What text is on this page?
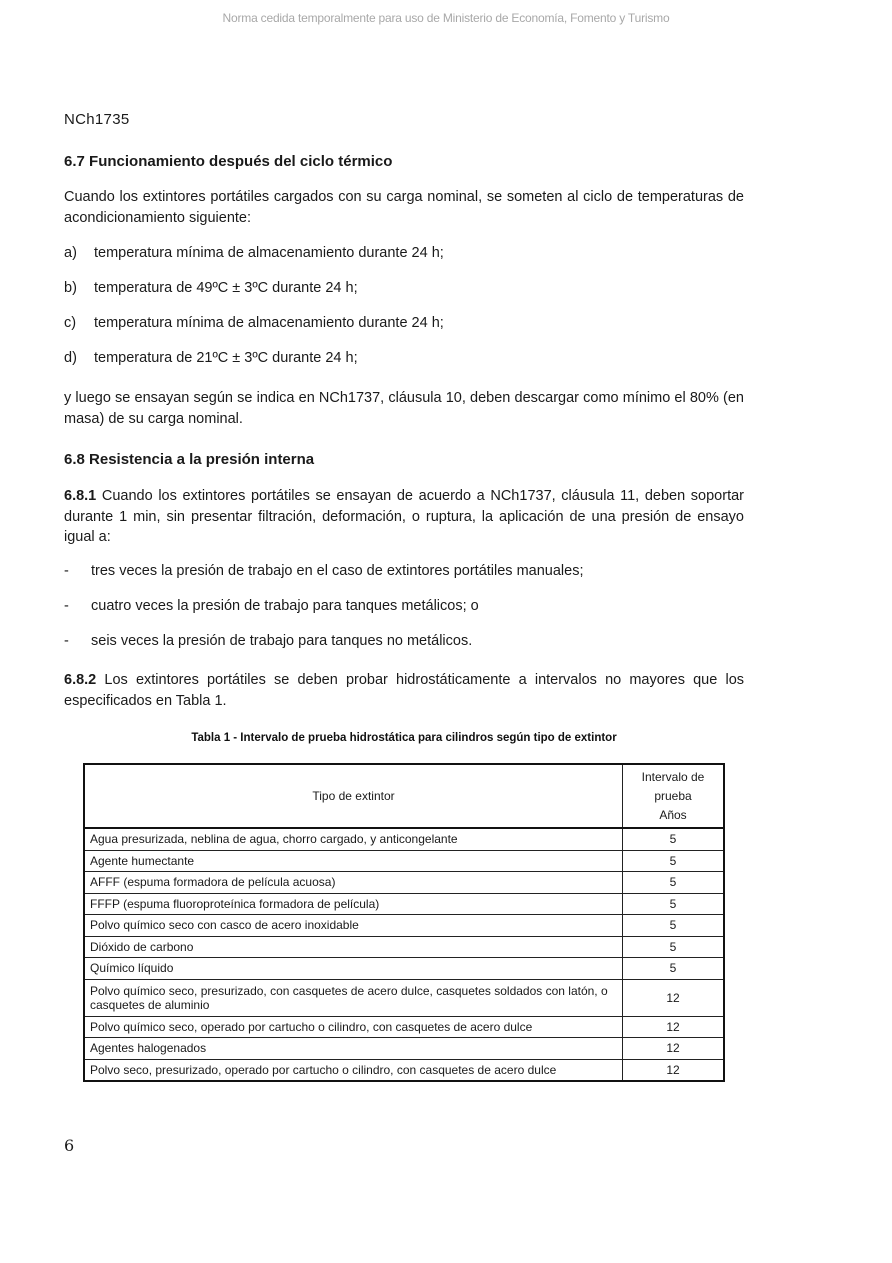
Norma cedida temporalmente para uso de Ministerio de Economía, Fomento y Turismo
NCh1735
6.7 Funcionamiento después del ciclo térmico

Cuando los extintores portátiles cargados con su carga nominal, se someten al ciclo de temperaturas de acondicionamiento siguiente:

a)	temperatura mínima de almacenamiento durante 24 h;
b)	temperatura de 49ºC ± 3ºC durante 24 h;
c)	temperatura mínima de almacenamiento durante 24 h;
d)	temperatura de 21ºC ± 3ºC durante 24 h;

y luego se ensayan según se indica en NCh1737, cláusula 10, deben descargar como mínimo el 80% (en masa) de su carga nominal.

6.8 Resistencia a la presión interna

6.8.1 Cuando los extintores portátiles se ensayan de acuerdo a NCh1737, cláusula 11, deben soportar durante 1 min, sin presentar filtración, deformación, o ruptura, la aplicación de una presión de ensayo igual a:

-	tres veces la presión de trabajo en el caso de extintores portátiles manuales;
-	cuatro veces la presión de trabajo para tanques metálicos; o
-	seis veces la presión de trabajo para tanques no metálicos.

6.8.2 Los extintores portátiles se deben probar hidrostáticamente a intervalos no mayores que los especificados en Tabla 1.

Tabla 1 - Intervalo de prueba hidrostática para cilindros según tipo de extintor
Tipo de extintor	Intervalo de
prueba
Años

Agua presurizada, neblina de agua, chorro cargado, y anticongelante	5
Agente humectante	5
AFFF (espuma formadora de película acuosa)	5
FFFP (espuma fluoroproteínica formadora de película)	5
Polvo químico seco con casco de acero inoxidable	5
Dióxido de carbono	5
Químico líquido	5
Polvo químico seco, presurizado, con casquetes de acero dulce, casquetes soldados con latón, o casquetes de aluminio	12
Polvo químico seco, operado por cartucho o cilindro, con casquetes de acero dulce	12
Agentes halogenados	12
Polvo seco, presurizado, operado por cartucho o cilindro, con casquetes de acero dulce	12
6
